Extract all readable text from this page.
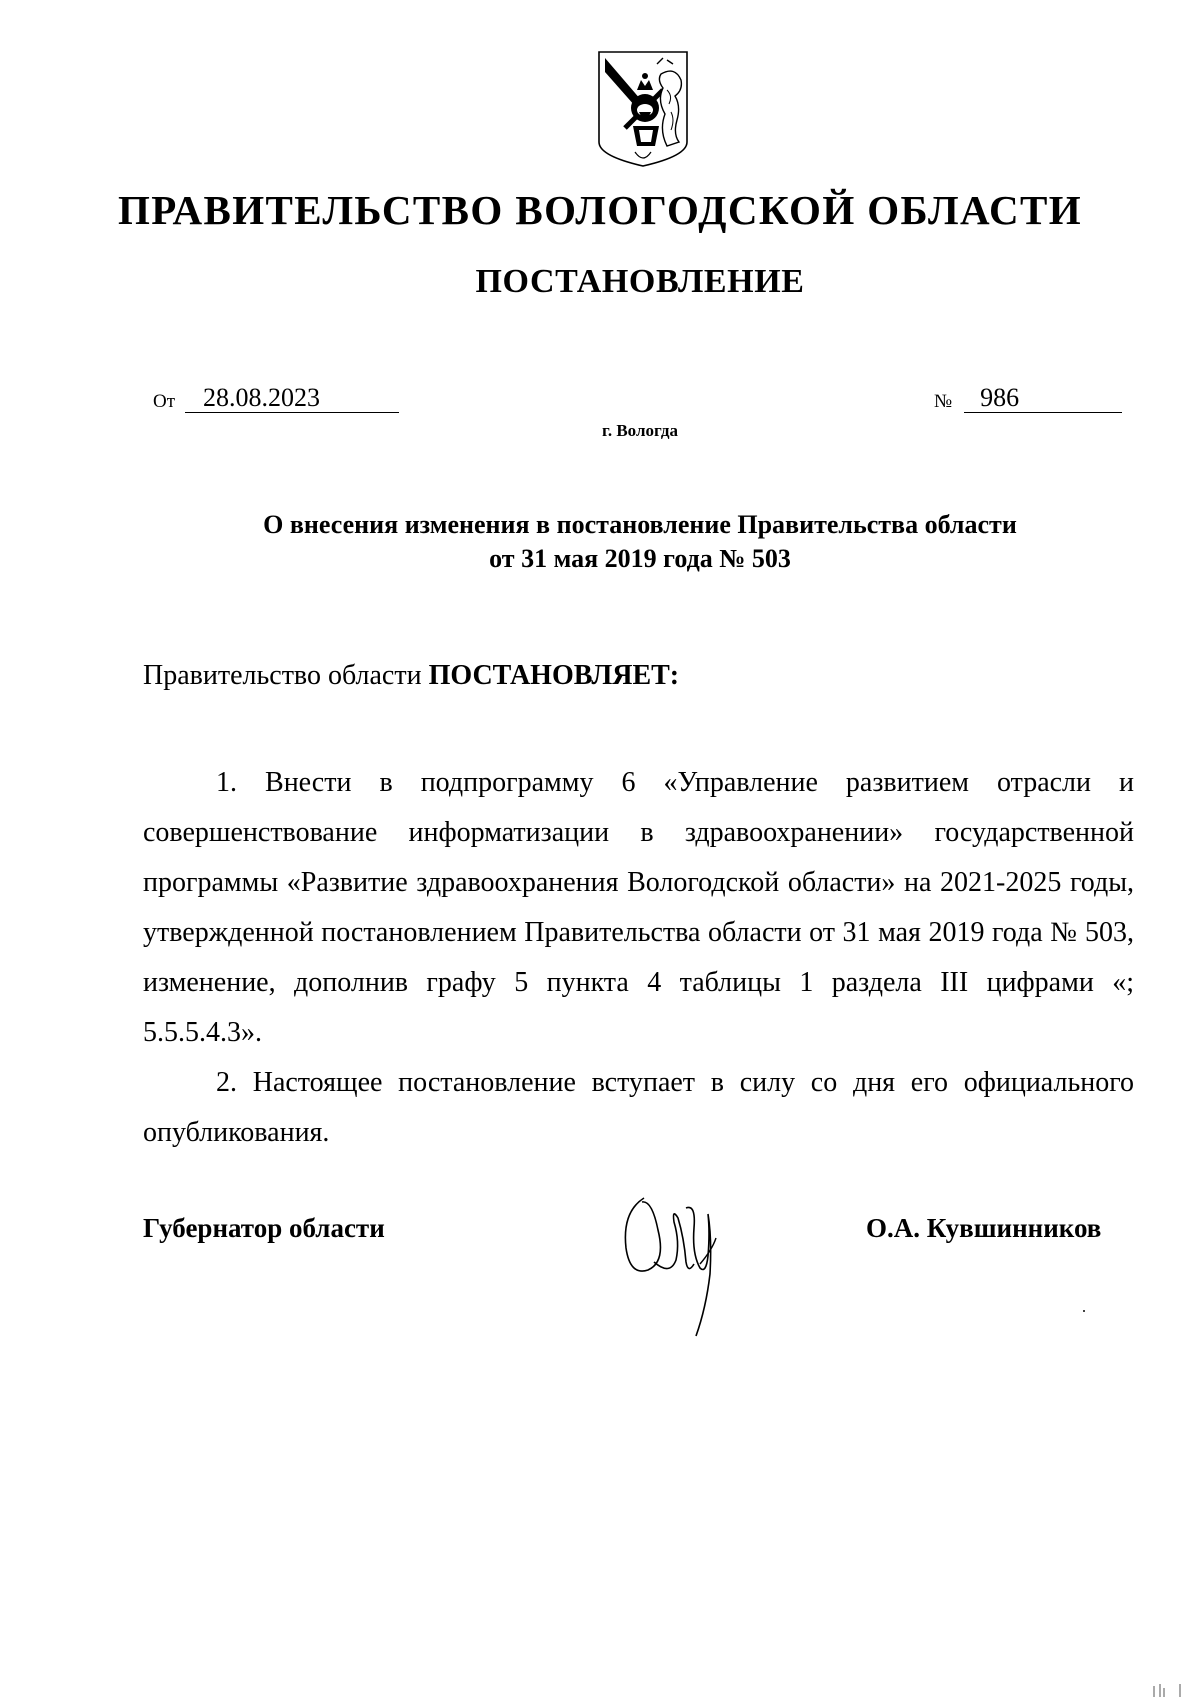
ПРАВИТЕЛЬСТВО ВОЛОГОДСКОЙ ОБЛАСТИ
ПОСТАНОВЛЕНИЕ
От 28.08.2023	№ 986
г. Вологда
О внесения изменения в постановление Правительства области
от 31 мая 2019 года № 503
Правительство области ПОСТАНОВЛЯЕТ:

1. Внести в подпрограмму 6 «Управление развитием отрасли и совершенствование информатизации в здравоохранении» государственной программы «Развитие здравоохранения Вологодской области» на 2021-2025 годы, утвержденной постановлением Правительства области от 31 мая 2019 года № 503, изменение, дополнив графу 5 пункта 4 таблицы 1 раздела III цифрами «; 5.5.5.4.3».

2. Настоящее постановление вступает в силу со дня его официального опубликования.

Губернатор области	О.А. Кувшинников
